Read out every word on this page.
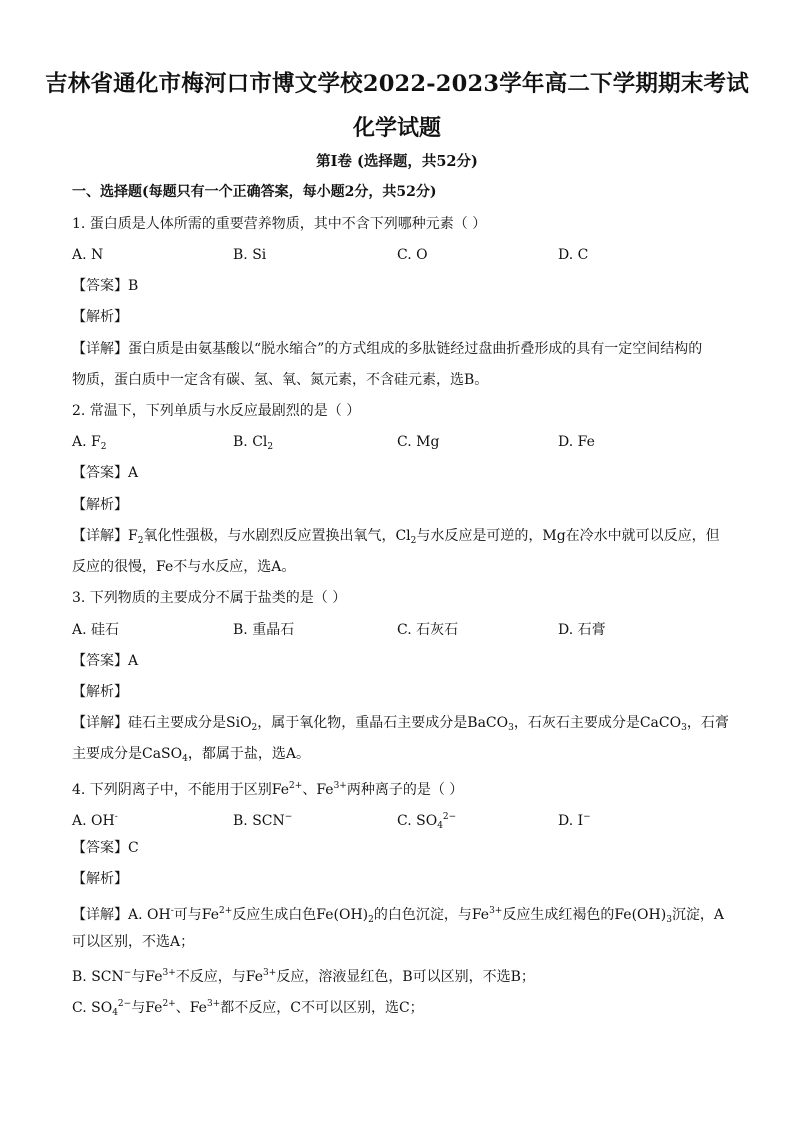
吉林省通化市梅河口市博文学校2022-2023学年高二下学期期末考试
化学试题
第Ⅰ卷 (选择题，共52分)
一、选择题(每题只有一个正确答案，每小题2分，共52分)
1. 蛋白质是人体所需的重要营养物质，其中不含下列哪种元素（ ）
A. N	B. Si	C. O	D. C
【答案】B
【解析】
【详解】蛋白质是由氨基酸以“脱水缩合”的方式组成的多肽链经过盘曲折叠形成的具有一定空间结构的
物质，蛋白质中一定含有碳、氢、氧、氮元素，不含硅元素，选B。
2. 常温下，下列单质与水反应最剧烈的是（ ）
A. $F_2$	B. $Cl_2$	C. Mg	D. Fe
【答案】A
【解析】
【详解】$F_2$氧化性强极，与水剧烈反应置换出氧气，$Cl_2$与水反应是可逆的，Mg在冷水中就可以反应，但
反应的很慢，Fe不与水反应，选A。
3. 下列物质的主要成分不属于盐类的是（ ）
A. 硅石	B. 重晶石	C. 石灰石	D. 石膏
【答案】A
【解析】
【详解】硅石主要成分是SiO$_2$，属于氧化物，重晶石主要成分是BaCO$_3$，石灰石主要成分是CaCO$_3$，石膏
主要成分是CaSO$_4$，都属于盐，选A。
4. 下列阴离子中，不能用于区别$Fe^{2+}$、$Fe^{3+}$两种离子的是（ ）
A. OH-	B. SCN−	C. $SO_4^{2-}$	D. I−
【答案】C
【解析】
【详解】A. OH-可与$Fe^{2+}$反应生成白色$Fe(OH)_2$的白色沉淀，与$Fe^{3+}$反应生成红褐色的$Fe(OH)_3$沉淀，A
可以区别，不选A；
B. SCN−与$Fe^{3+}$不反应，与$Fe^{3+}$反应，溶液显红色，B可以区别，不选B；
C. $SO_4^{2-}$与$Fe^{2+}$、$Fe^{3+}$都不反应，C不可以区别，选C；
